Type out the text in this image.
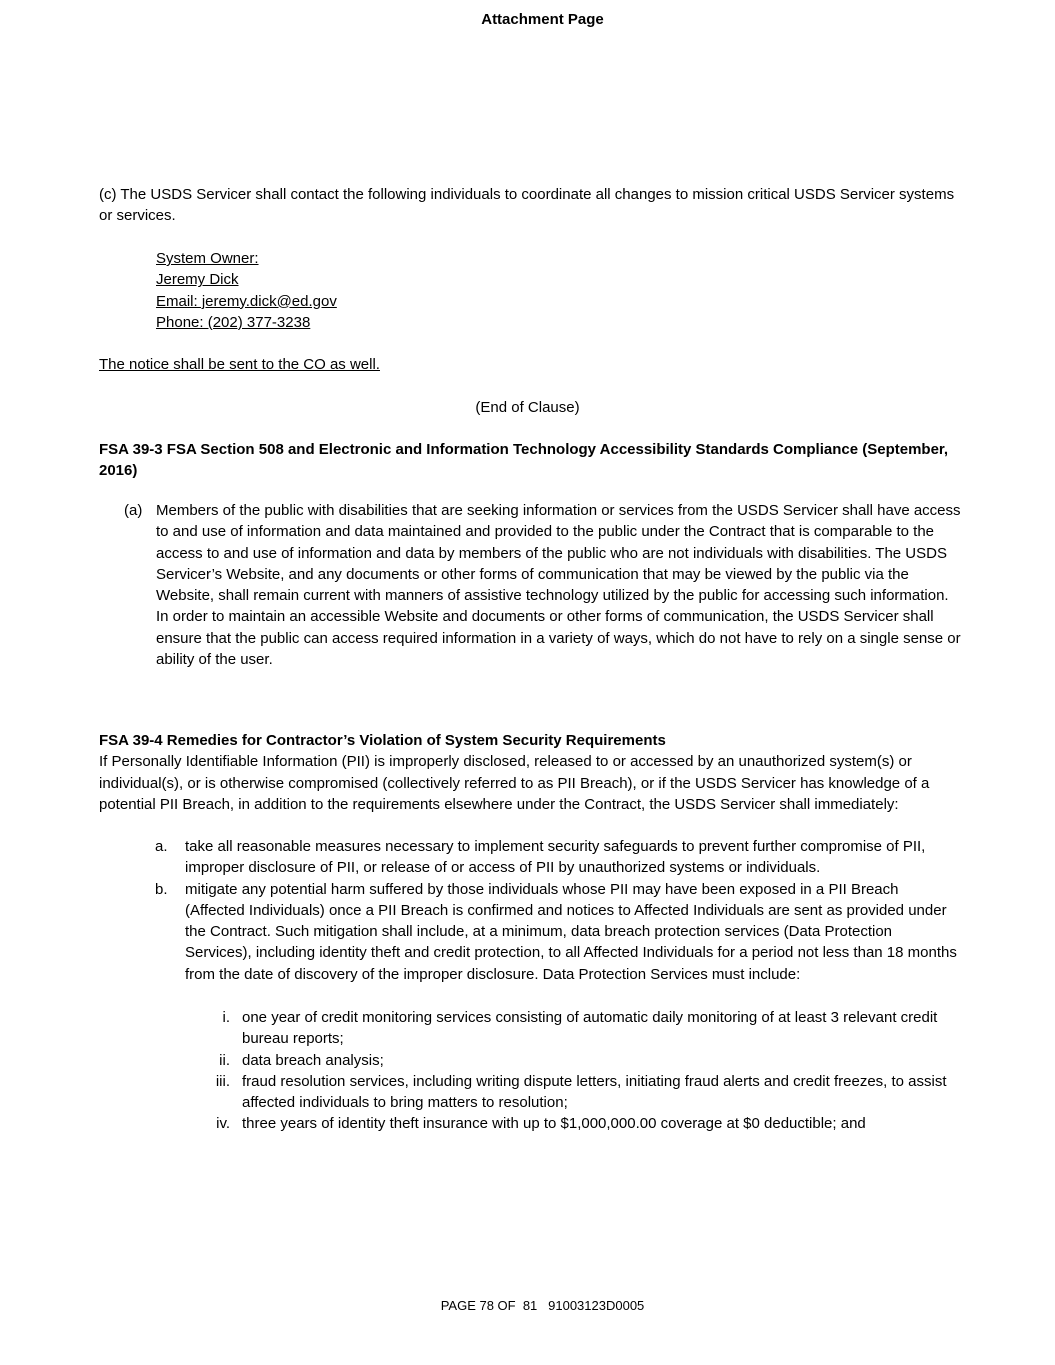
Attachment Page

(c) The USDS Servicer shall contact the following individuals to coordinate all changes to mission critical USDS Servicer systems or services.

System Owner:
Jeremy Dick
Email: jeremy.dick@ed.gov
Phone: (202) 377-3238
The notice shall be sent to the CO as well.
(End of Clause)

FSA 39-3 FSA Section 508 and Electronic and Information Technology Accessibility Standards Compliance (September, 2016)

(a) Members of the public with disabilities that are seeking information or services from the USDS Servicer shall have access to and use of information and data maintained and provided to the public under the Contract that is comparable to the access to and use of information and data by members of the public who are not individuals with disabilities. The USDS Servicer’s Website, and any documents or other forms of communication that may be viewed by the public via the Website, shall remain current with manners of assistive technology utilized by the public for accessing such information. In order to maintain an accessible Website and documents or other forms of communication, the USDS Servicer shall ensure that the public can access required information in a variety of ways, which do not have to rely on a single sense or ability of the user.

FSA 39-4 Remedies for Contractor’s Violation of System Security Requirements

If Personally Identifiable Information (PII) is improperly disclosed, released to or accessed by an unauthorized system(s) or individual(s), or is otherwise compromised (collectively referred to as PII Breach), or if the USDS Servicer has knowledge of a potential PII Breach, in addition to the requirements elsewhere under the Contract, the USDS Servicer shall immediately:

a.	take all reasonable measures necessary to implement security safeguards to prevent further compromise of PII, improper disclosure of PII, or release of or access of PII by unauthorized systems or individuals.

b.	mitigate any potential harm suffered by those individuals whose PII may have been exposed in a PII Breach (Affected Individuals) once a PII Breach is confirmed and notices to Affected Individuals are sent as provided under the Contract. Such mitigation shall include, at a minimum, data breach protection services (Data Protection Services), including identity theft and credit protection, to all Affected Individuals for a period not less than 18 months from the date of discovery of the improper disclosure. Data Protection Services must include:

i. one year of credit monitoring services consisting of automatic daily monitoring of at least 3 relevant credit bureau reports;

ii. data breach analysis;

iii. fraud resolution services, including writing dispute letters, initiating fraud alerts and credit freezes, to assist affected individuals to bring matters to resolution;

iv. three years of identity theft insurance with up to $1,000,000.00 coverage at $0 deductible; and

PAGE 78 OF  81 91003123D0005
